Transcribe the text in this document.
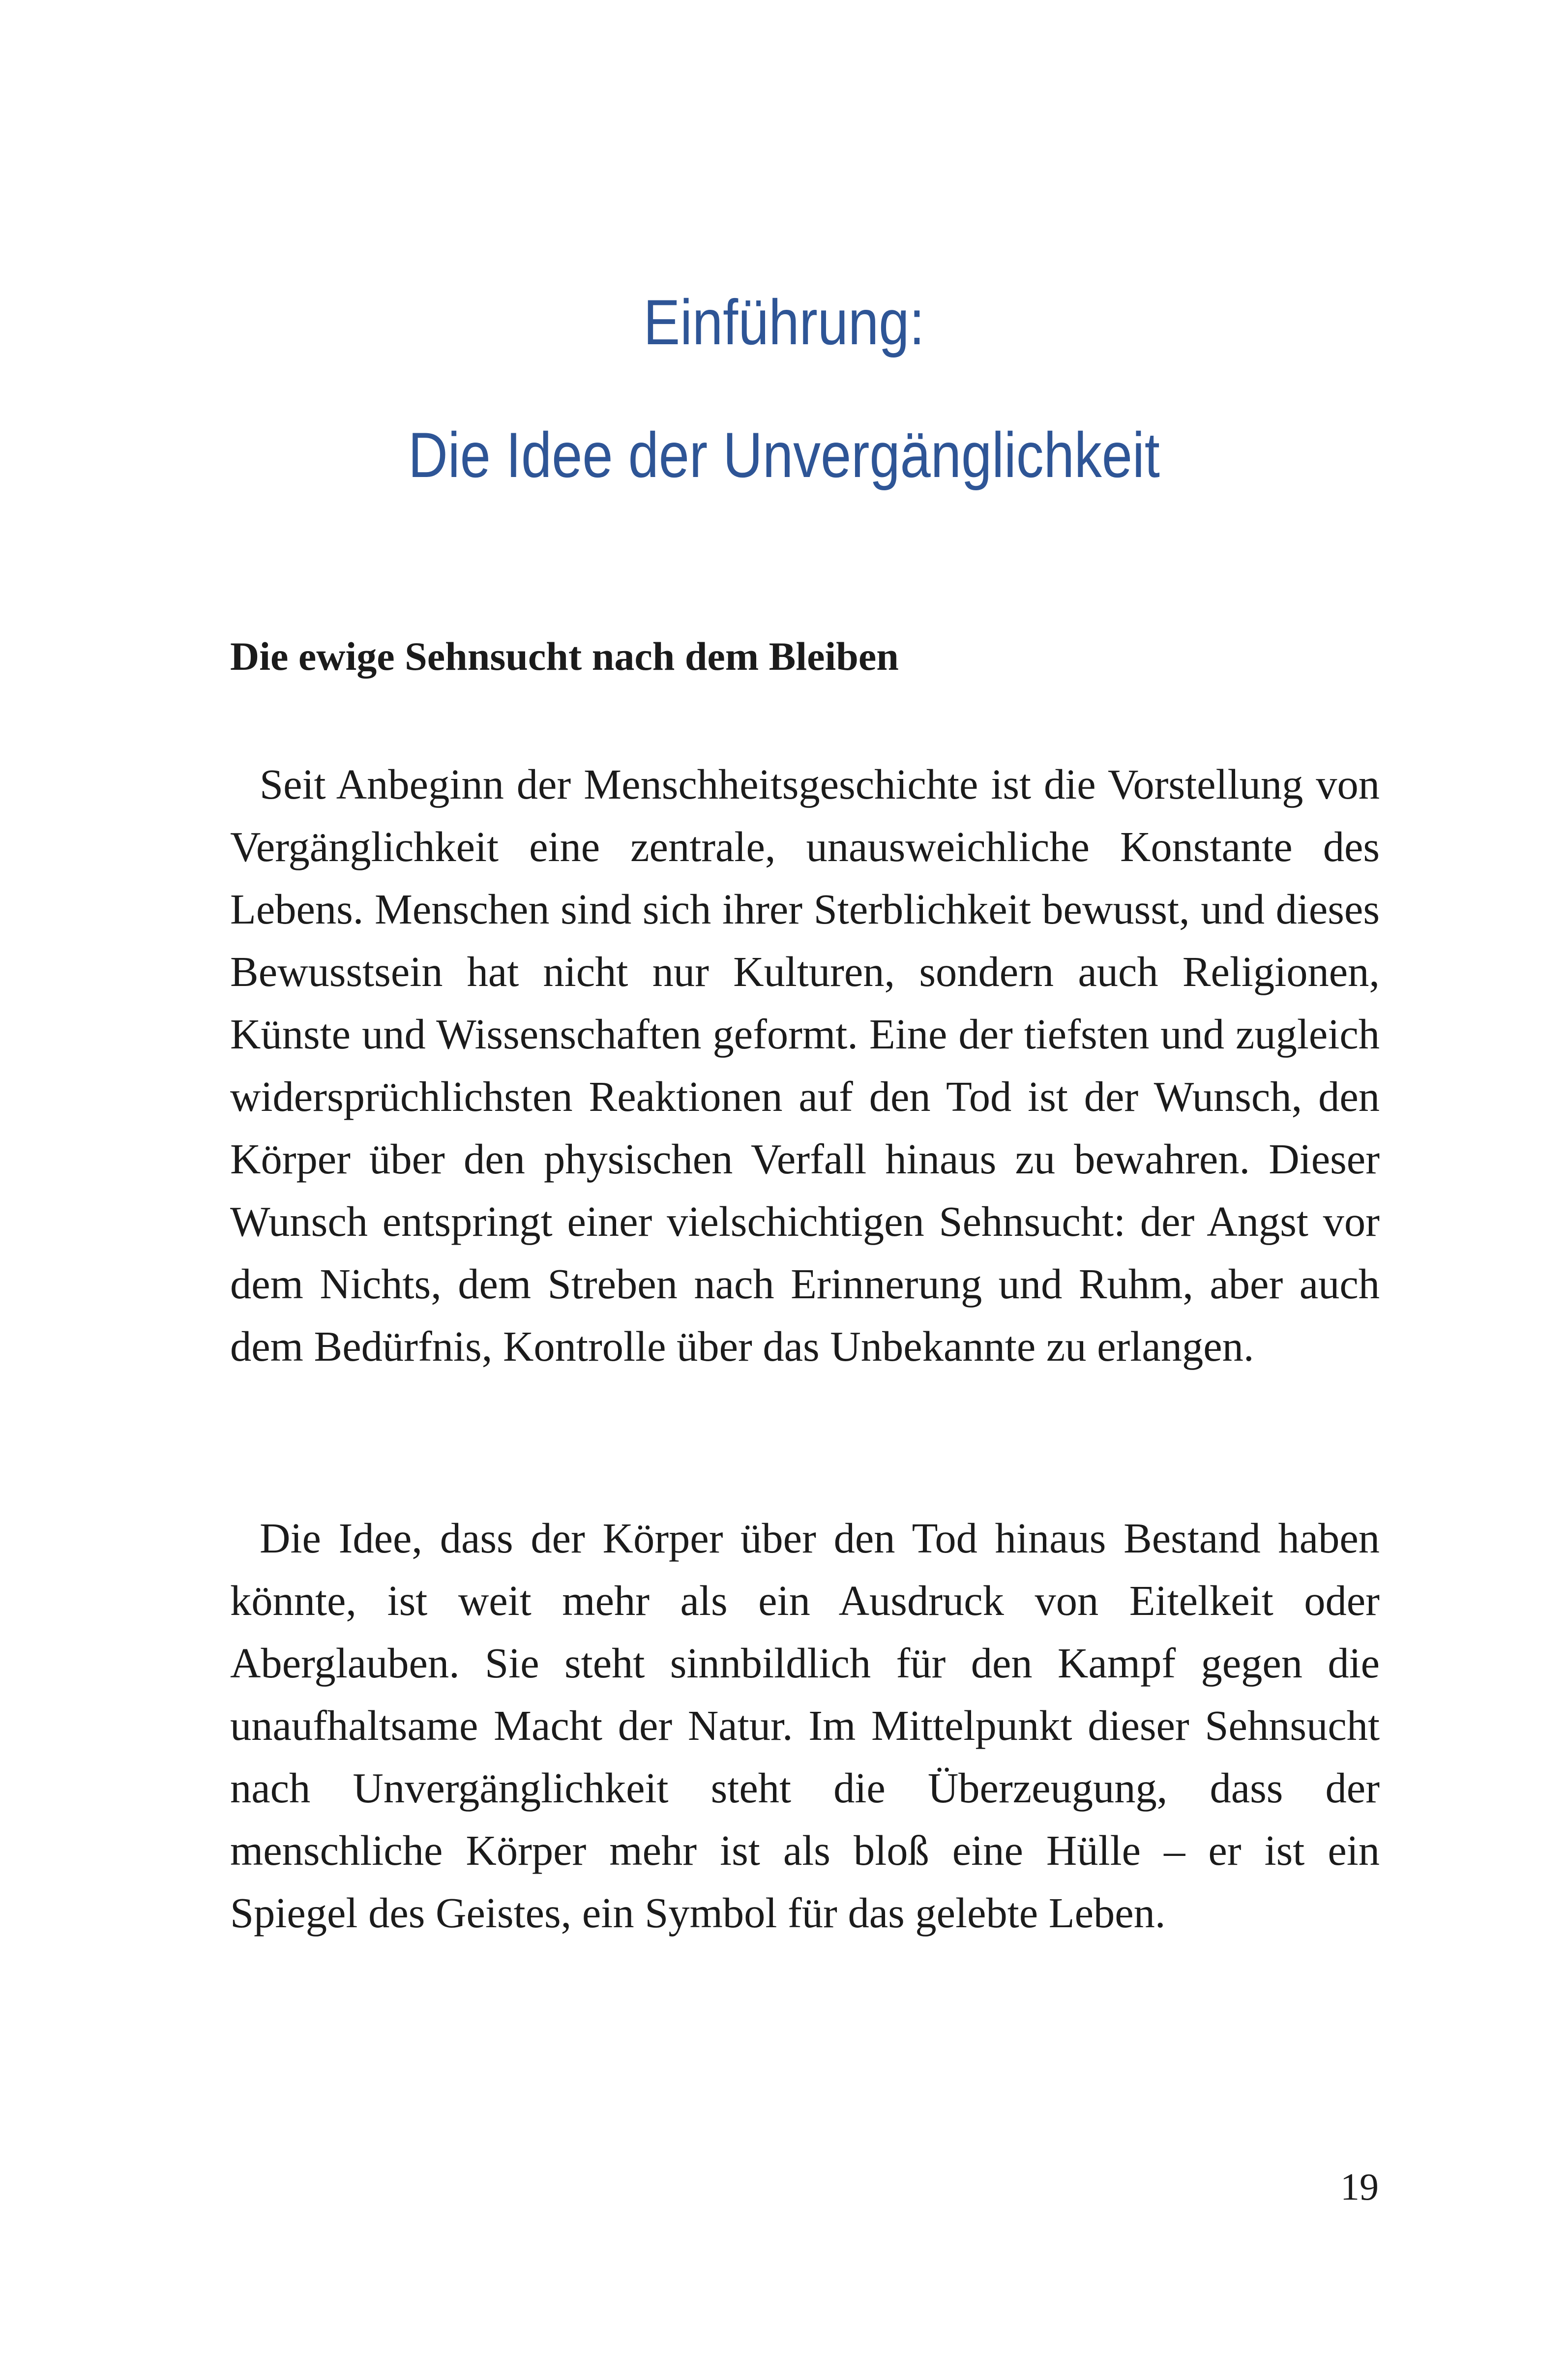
Einführung:
Die Idee der Unvergänglichkeit
Die ewige Sehnsucht nach dem Bleiben

Seit Anbeginn der Menschheitsgeschichte ist die Vorstellung von Vergänglichkeit eine zentrale, unausweichliche Konstante des Lebens. Menschen sind sich ihrer Sterblichkeit bewusst, und dieses Bewusstsein hat nicht nur Kulturen, sondern auch Religionen, Künste und Wissenschaften geformt. Eine der tiefsten und zugleich widersprüchlichsten Reaktionen auf den Tod ist der Wunsch, den Körper über den physischen Verfall hinaus zu bewahren. Dieser Wunsch entspringt einer vielschichtigen Sehnsucht: der Angst vor dem Nichts, dem Streben nach Erinnerung und Ruhm, aber auch dem Bedürfnis, Kontrolle über das Unbekannte zu erlangen.

Die Idee, dass der Körper über den Tod hinaus Bestand haben könnte, ist weit mehr als ein Ausdruck von Eitelkeit oder Aberglauben. Sie steht sinnbildlich für den Kampf gegen die unaufhaltsame Macht der Natur. Im Mittelpunkt dieser Sehnsucht nach Unvergänglichkeit steht die Überzeugung, dass der menschliche Körper mehr ist als bloß eine Hülle – er ist ein Spiegel des Geistes, ein Symbol für das gelebte Leben.

19
